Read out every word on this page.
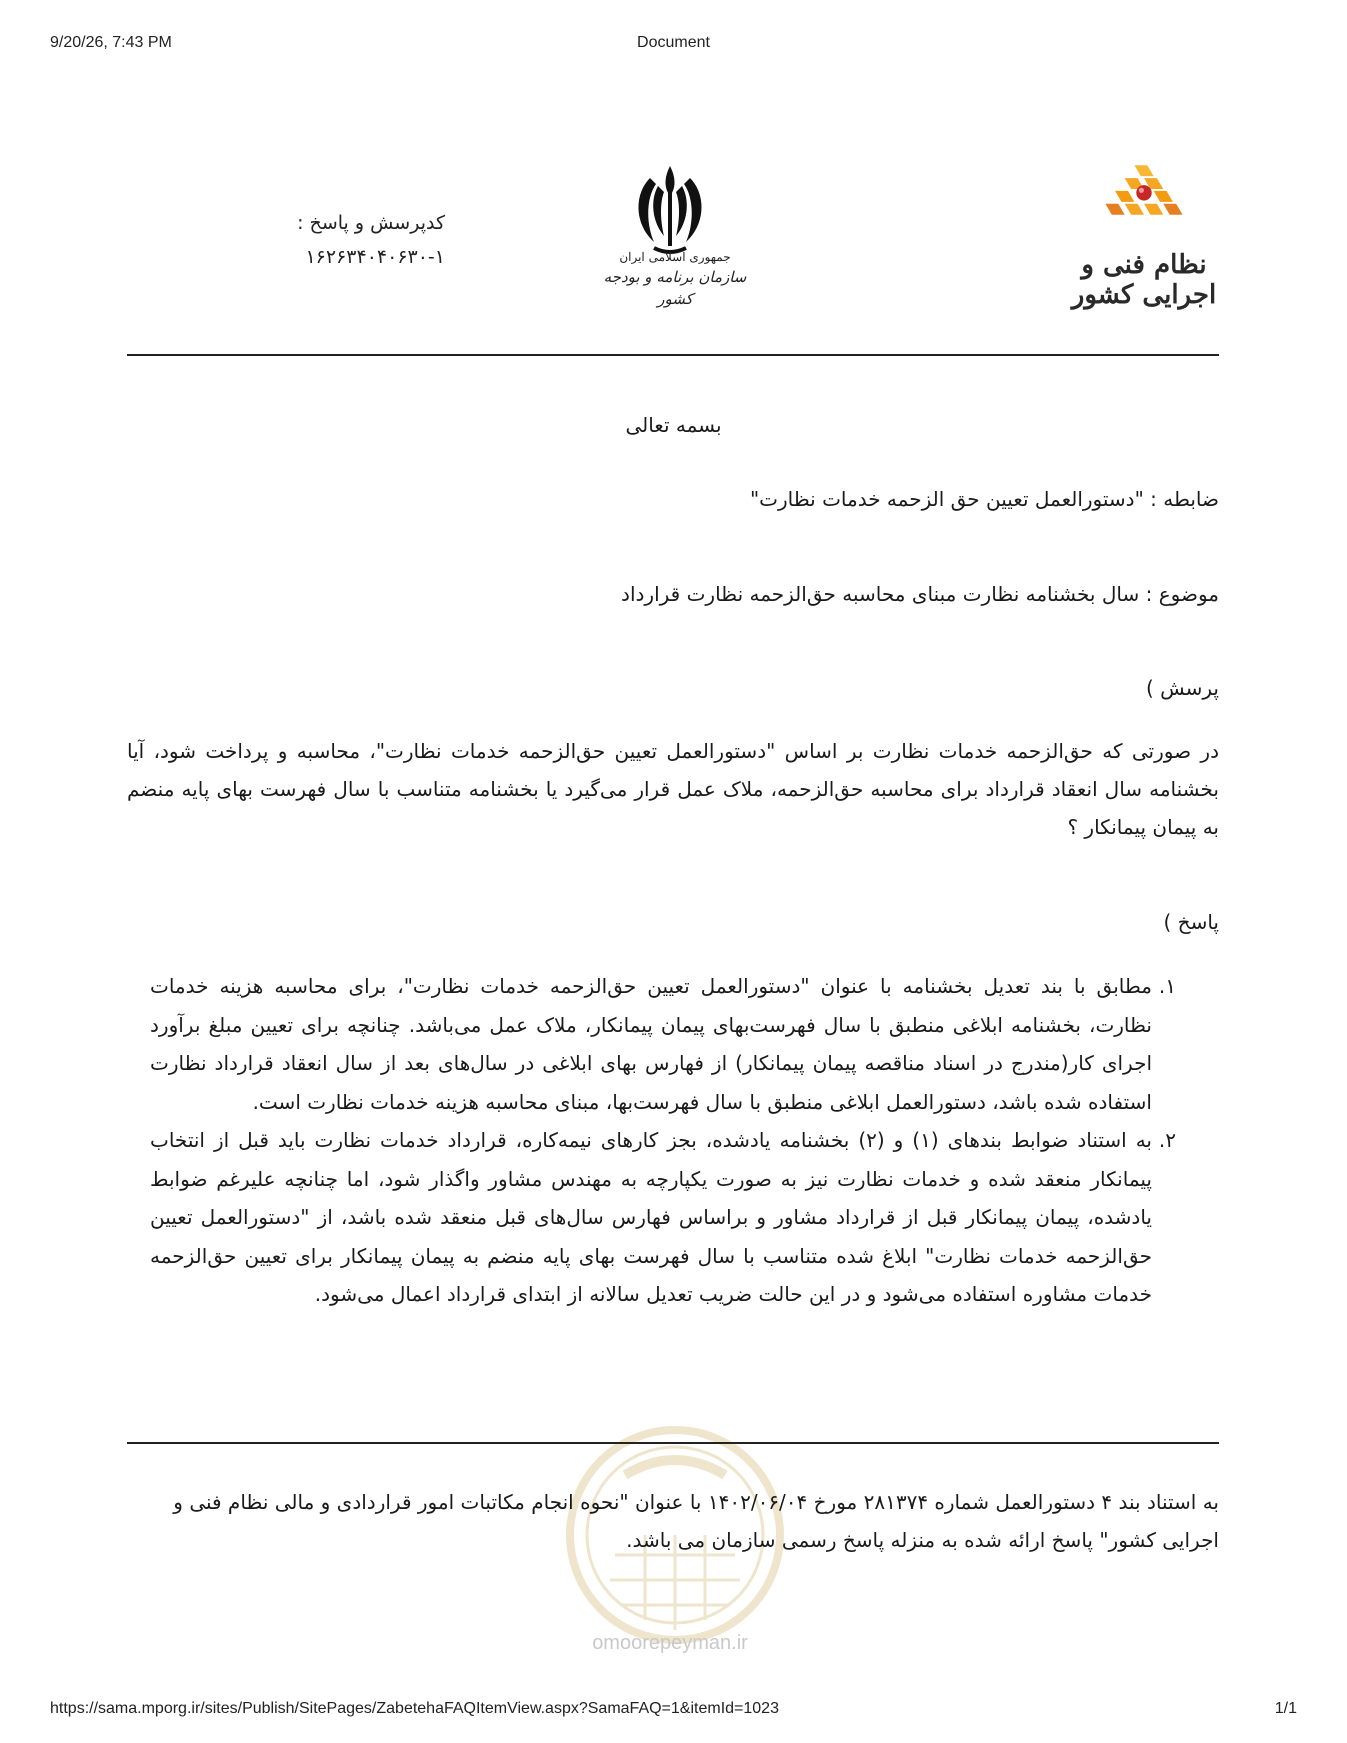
9/20/26, 7:43 PM	Document
نظام فنی و اجرایی کشور
جمهوری اسلامی ایران
سازمان برنامه و بودجه کشور
کدپرسش و پاسخ :
۱۶۲۶۳۴۰۴۰۶۳۰-۱
بسمه تعالی

ضابطه : "دستورالعمل تعیین حق الزحمه خدمات نظارت"

موضوع : سال بخشنامه نظارت مبنای محاسبه حق‌الزحمه نظارت قرارداد

پرسش )

در صورتی که حق‌الزحمه خدمات نظارت بر اساس "دستورالعمل تعیین حق‌الزحمه خدمات نظارت"، محاسبه و پرداخت شود، آیا بخشنامه سال انعقاد قرارداد برای محاسبه حق‌الزحمه، ملاک عمل قرار می‌گیرد یا بخشنامه متناسب با سال فهرست بهای پایه منضم به پیمان پیمانکار ؟

پاسخ )

۱.
مطابق با بند تعدیل بخشنامه با عنوان "دستورالعمل تعیین حق‌الزحمه خدمات نظارت"، برای محاسبه هزینه خدمات نظارت، بخشنامه ابلاغی منطبق با سال فهرست‌بهای پیمان پیمانکار، ملاک عمل می‌باشد. چنانچه برای تعیین مبلغ برآورد اجرای کار(مندرج در اسناد مناقصه پیمان پیمانکار) از فهارس بهای ابلاغی در سال‌های بعد از سال انعقاد قرارداد نظارت استفاده شده باشد، دستورالعمل ابلاغی منطبق با سال فهرست‌بها، مبنای محاسبه هزینه خدمات نظارت است.

۲.
به استناد ضوابط بندهای (۱) و (۲) بخشنامه یادشده، بجز کارهای نیمه‌کاره، قرارداد خدمات نظارت باید قبل از انتخاب پیمانکار منعقد شده و خدمات نظارت نیز به صورت یکپارچه به مهندس مشاور واگذار شود، اما چنانچه علیرغم ضوابط یادشده، پیمان پیمانکار قبل از قرارداد مشاور و براساس فهارس سال‌های قبل منعقد شده باشد، از "دستورالعمل تعیین حق‌الزحمه خدمات نظارت" ابلاغ شده متناسب با سال فهرست بهای پایه منضم به پیمان پیمانکار برای تعیین حق‌الزحمه خدمات مشاوره استفاده می‌شود و در این حالت ضریب تعدیل سالانه از ابتدای قرارداد اعمال می‌شود.

به استناد بند ۴ دستورالعمل شماره ۲۸۱۳۷۴ مورخ ۱۴۰۲/۰۶/۰۴ با عنوان "نحوه انجام مکاتبات امور قراردادی و مالی نظام فنی و اجرایی کشور" پاسخ ارائه شده به منزله پاسخ رسمی سازمان می باشد.

omoorepeyman.ir
https://sama.mporg.ir/sites/Publish/SitePages/ZabetehaFAQItemView.aspx?SamaFAQ=1&itemId=1023	1/1
